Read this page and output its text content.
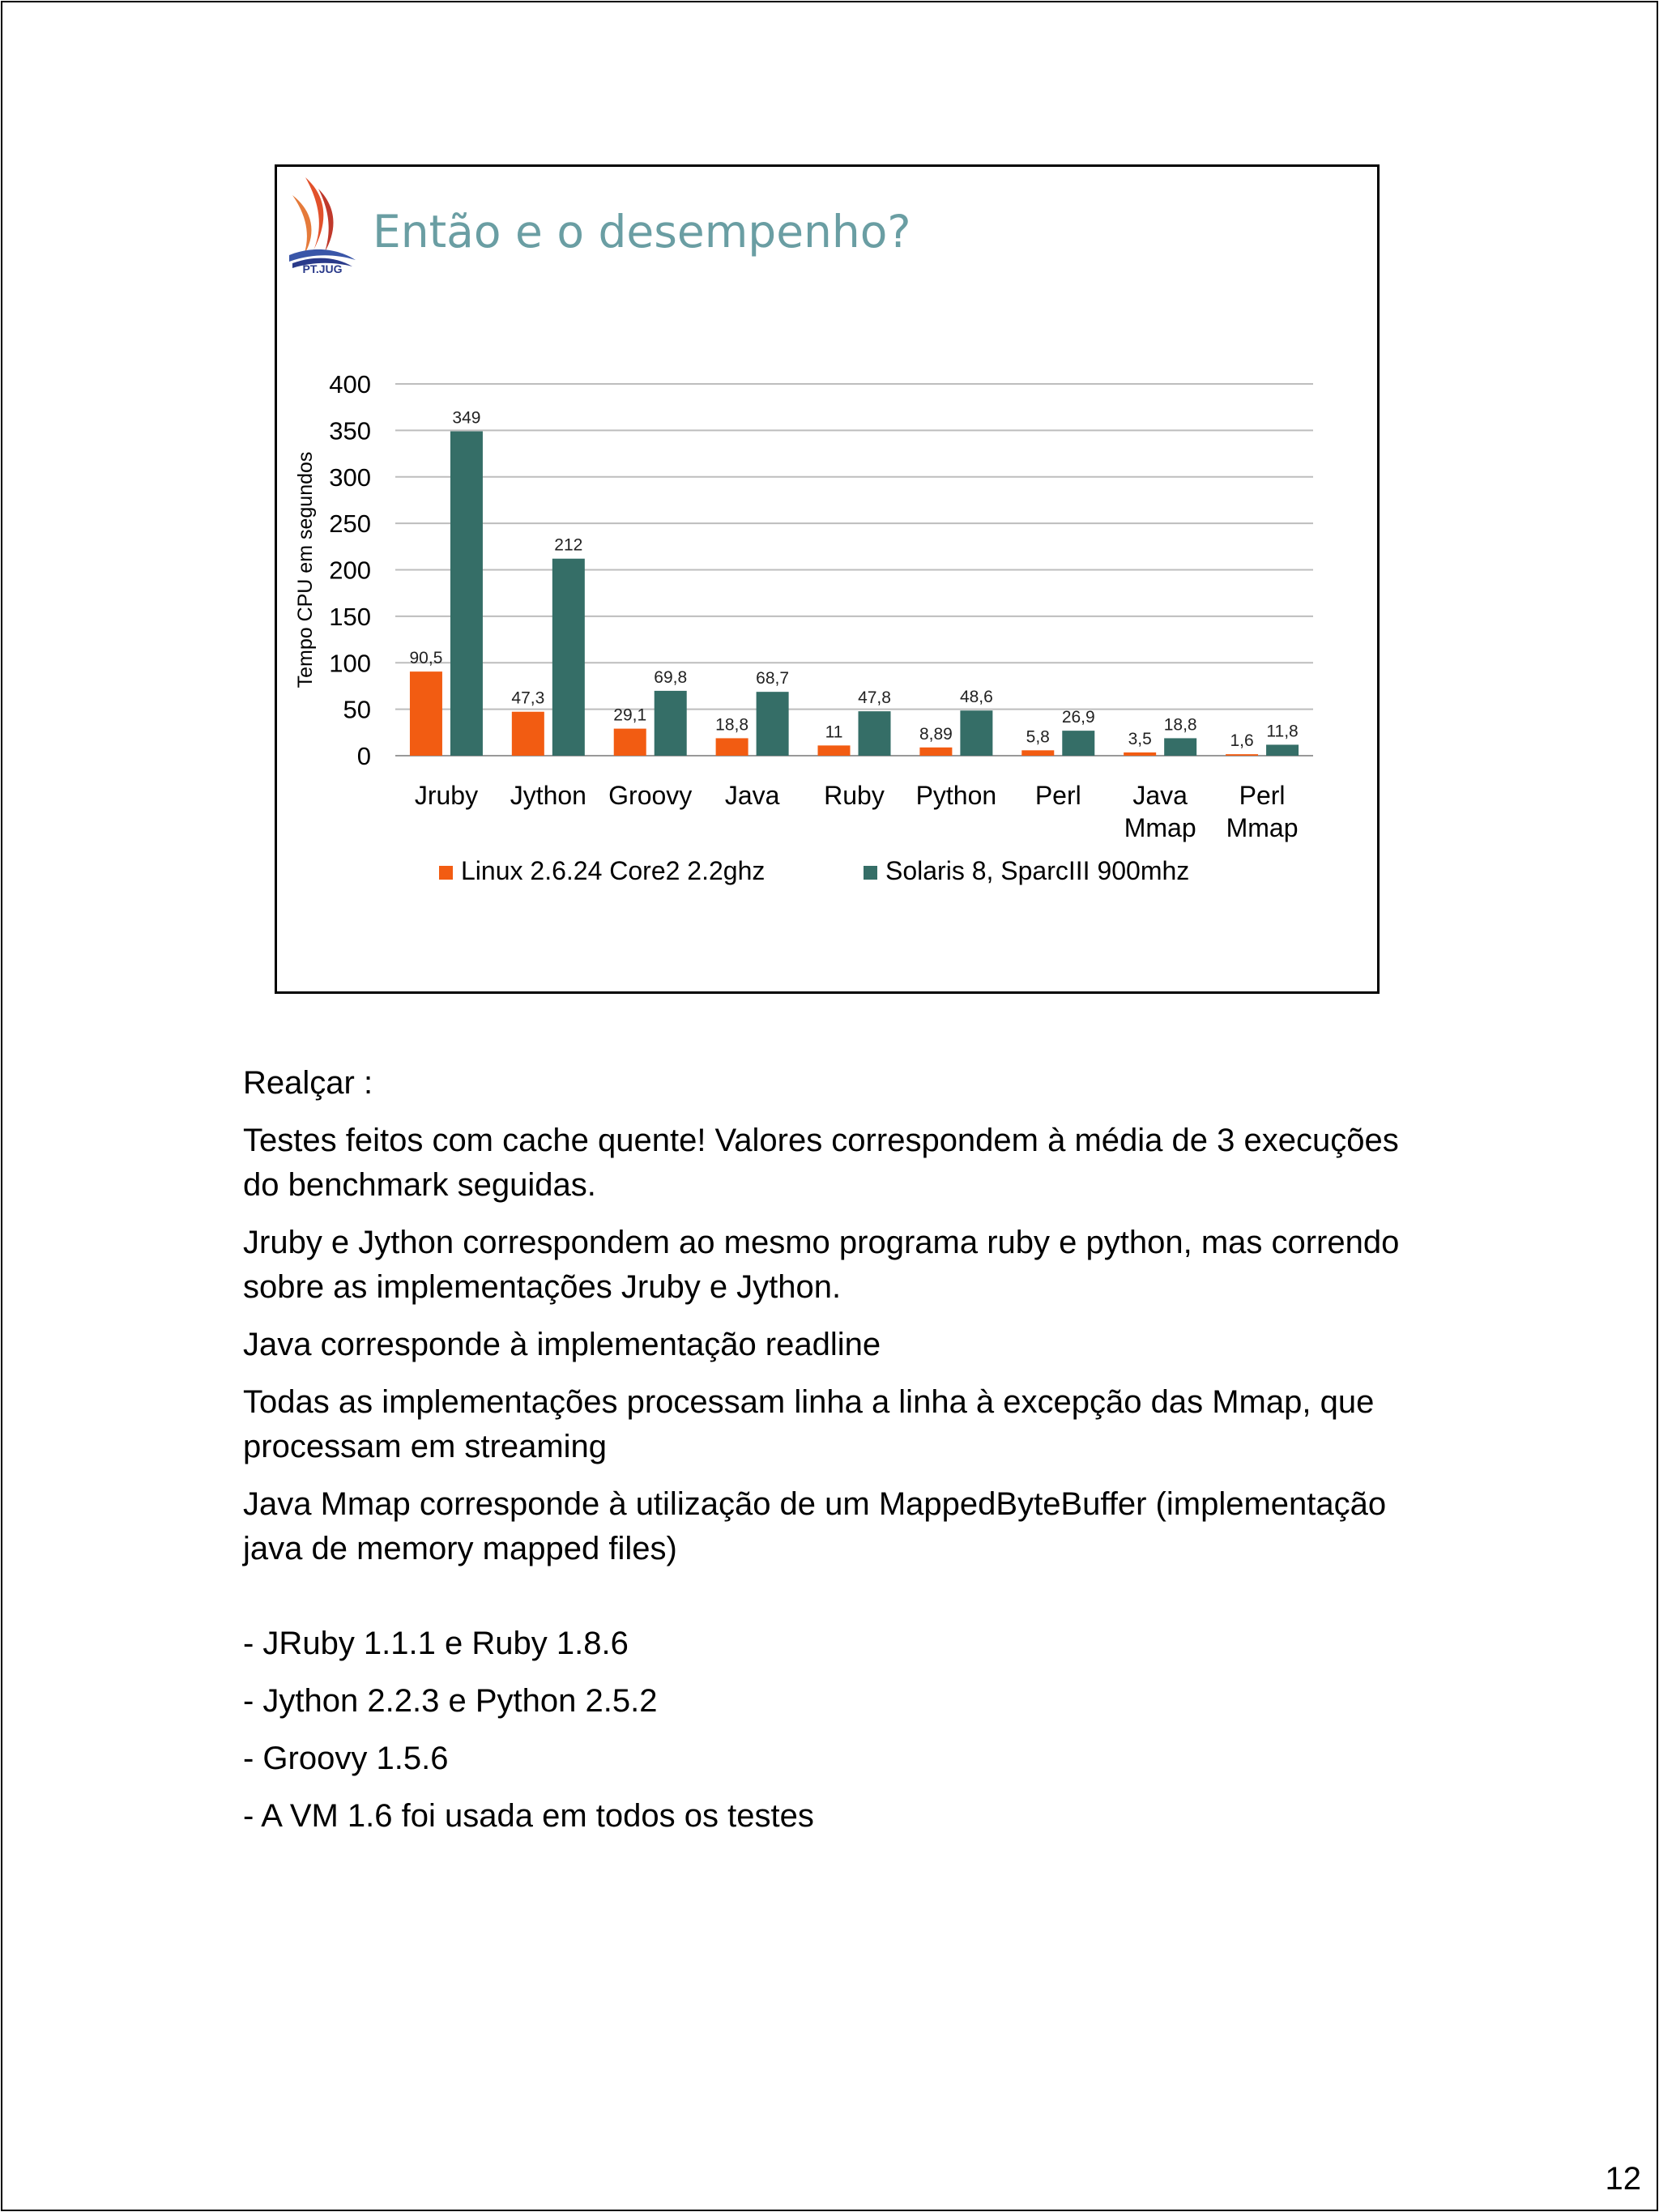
PT.JUG
Então e o desempenho?
0
50
100
150
200
250
300
350
400
Tempo CPU em segundos	90,5
349
Jruby
47,3
212
Jython
29,1
69,8
Groovy
18,8
68,7
Java
11
47,8
Ruby
8,89
48,6
Python
5,8
26,9
Perl
3,5
18,8
Java
Mmap
1,6
11,8
Perl
Mmap
Linux 2.6.24 Core2 2.2ghz	Solaris 8, SparcIII 900mhz

Realçar :

Testes feitos com cache quente! Valores correspondem à média de 3 execuções do benchmark seguidas.

Jruby e Jython correspondem ao mesmo programa ruby e python, mas correndo sobre as implementações Jruby e Jython.

Java corresponde à implementação readline

Todas as implementações processam linha a linha à excepção das Mmap, que processam em streaming

Java Mmap corresponde à utilização de um MappedByteBuffer (implementação java de memory mapped files)

- JRuby 1.1.1 e Ruby 1.8.6

- Jython 2.2.3 e Python 2.5.2

- Groovy 1.5.6

- A VM 1.6 foi usada em todos os testes

12
